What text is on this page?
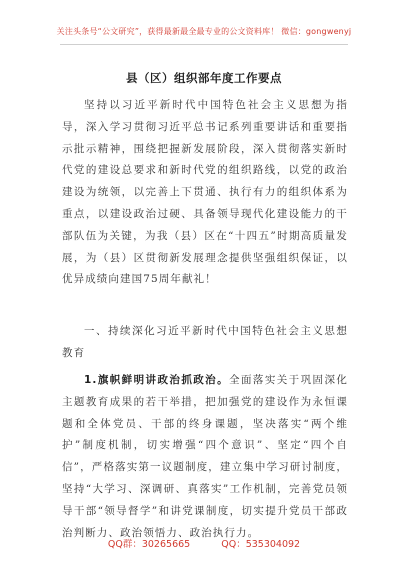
关注头条号“公文研究”，获得最新最全最专业的公文资料库！ 微信：gongwenyj
县（区）组织部年度工作要点
坚持以习近平新时代中国特色社会主义思想为指导，深入学习贯彻习近平总书记系列重要讲话和重要指示批示精神，围绕把握新发展阶段，深入贯彻落实新时代党的建设总要求和新时代党的组织路线，以党的政治建设为统领，以完善上下贯通、执行有力的组织体系为重点，以建设政治过硬、具备领导现代化建设能力的干部队伍为关键，为我（县）区在“十四五”时期高质量发展，为（县）区贯彻新发展理念提供坚强组织保证，以优异成绩向建国75周年献礼！
一、持续深化习近平新时代中国特色社会主义思想教育
1.旗帜鲜明讲政治抓政治。全面落实关于巩固深化主题教育成果的若干举措，把加强党的建设作为永恒课题和全体党员、干部的终身课题，坚决落实“两个维护”制度机制，切实增强“四个意识”、坚定“四个自信”，严格落实第一议题制度，建立集中学习研讨制度，坚持“大学习、深调研、真落实”工作机制，完善党员领导干部“领导督学”和讲党课制度，切实提升党员干部政治判断力、政治领悟力、政治执行力。
QQ群：30265665	QQ：535304092
